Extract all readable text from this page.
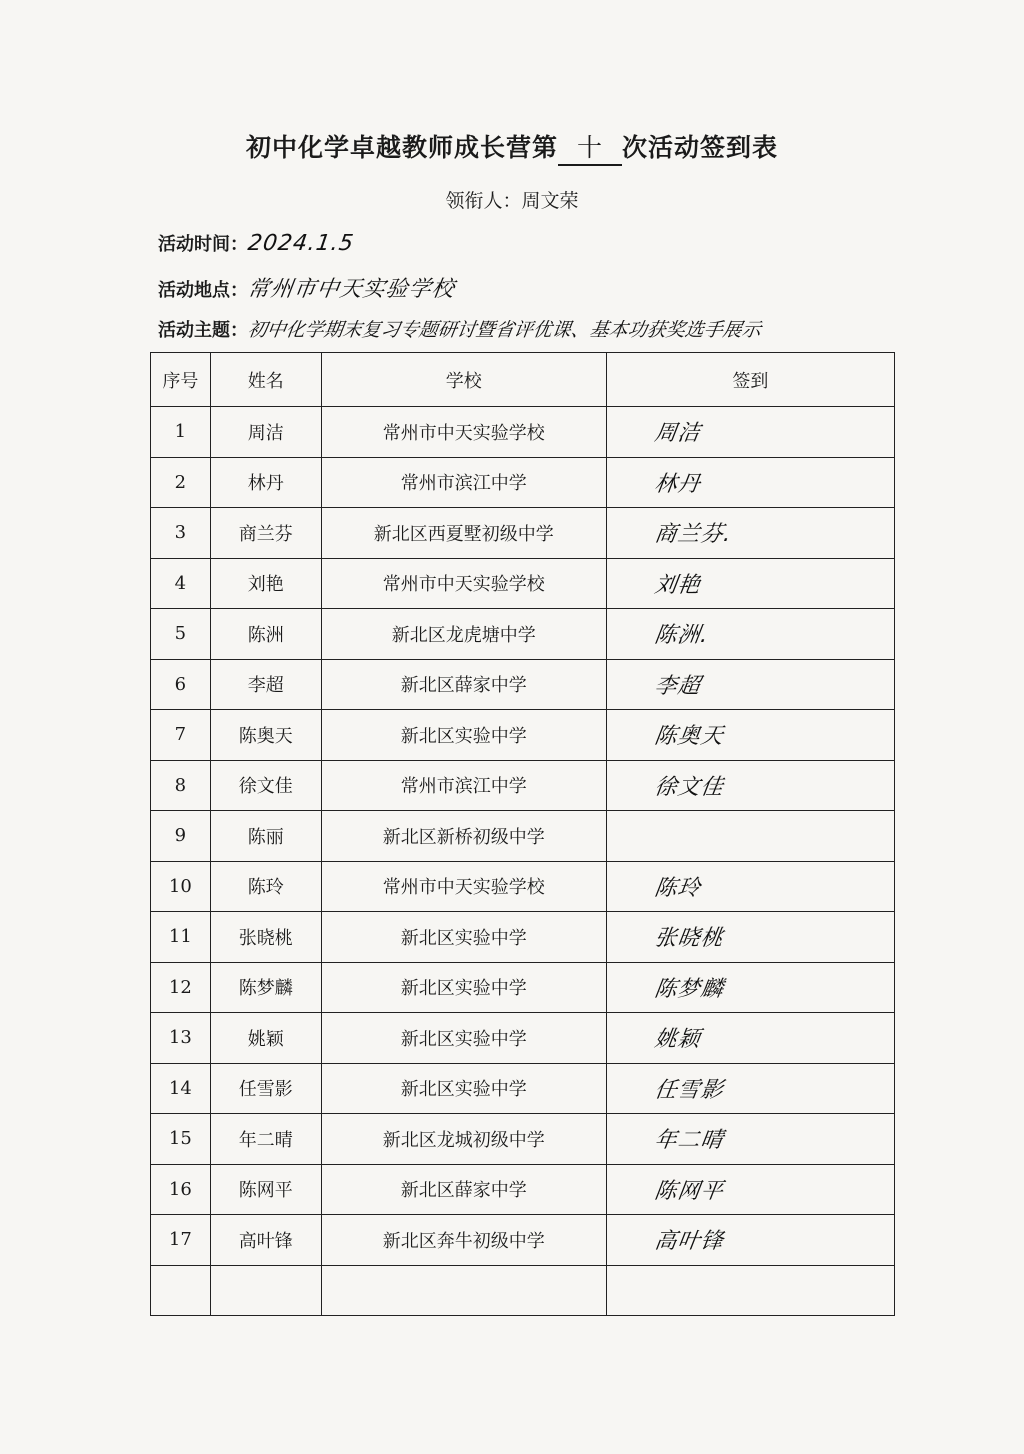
初中化学卓越教师成长营第 十 次活动签到表
领衔人：周文荣
活动时间：2024.1.5
活动地点：常州市中天实验学校
活动主题：初中化学期末复习专题研讨暨省评优课、基本功获奖选手展示
序号	姓名	学校	签到
1	周洁	常州市中天实验学校	周洁
2	林丹	常州市滨江中学	林丹
3	商兰芬	新北区西夏墅初级中学	商兰芬.
4	刘艳	常州市中天实验学校	刘艳
5	陈洲	新北区龙虎塘中学	陈洲.
6	李超	新北区薛家中学	李超
7	陈奥天	新北区实验中学	陈奥天
8	徐文佳	常州市滨江中学	徐文佳
9	陈丽	新北区新桥初级中学	
10	陈玲	常州市中天实验学校	陈玲
11	张晓桃	新北区实验中学	张晓桃
12	陈梦麟	新北区实验中学	陈梦麟
13	姚颖	新北区实验中学	姚颖
14	任雪影	新北区实验中学	任雪影
15	年二晴	新北区龙城初级中学	年二晴
16	陈网平	新北区薛家中学	陈网平
17	高叶锋	新北区奔牛初级中学	高叶锋
